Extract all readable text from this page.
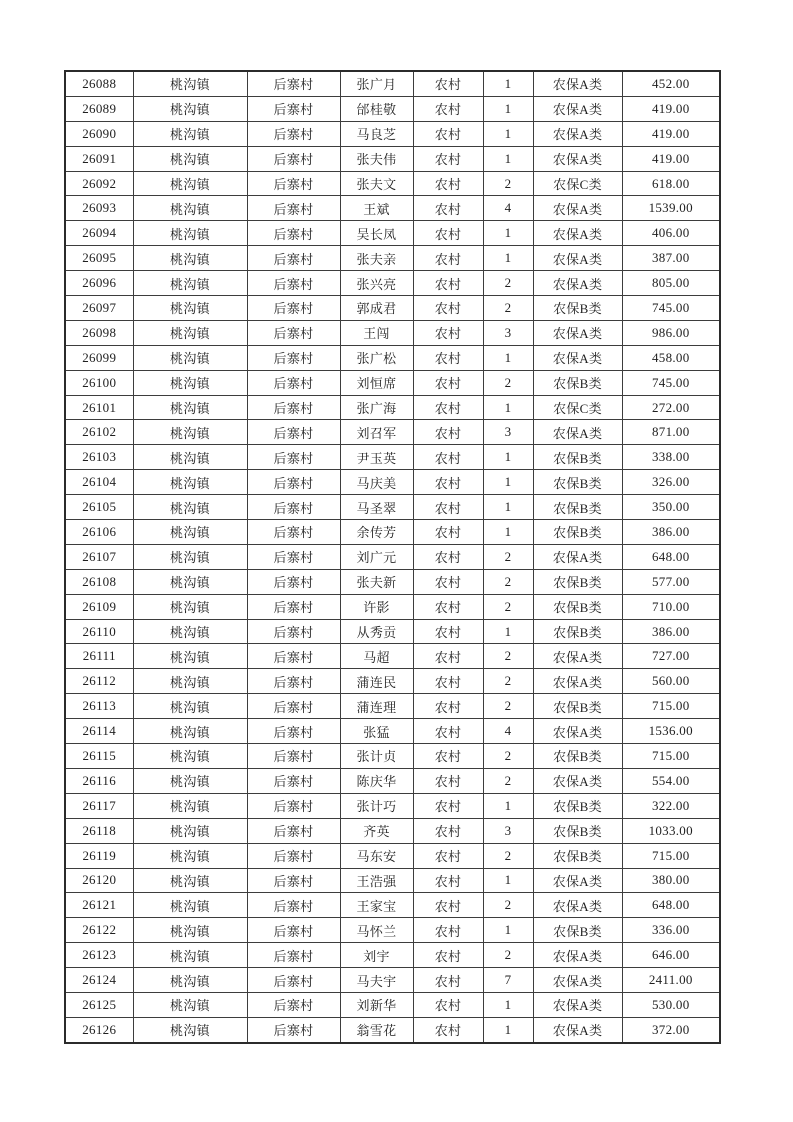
26088	桃沟镇	后寨村	张广月	农村	1	农保A类	452.00
26089	桃沟镇	后寨村	邰桂敬	农村	1	农保A类	419.00
26090	桃沟镇	后寨村	马良芝	农村	1	农保A类	419.00
26091	桃沟镇	后寨村	张夫伟	农村	1	农保A类	419.00
26092	桃沟镇	后寨村	张夫文	农村	2	农保C类	618.00
26093	桃沟镇	后寨村	王斌	农村	4	农保A类	1539.00
26094	桃沟镇	后寨村	吴长凤	农村	1	农保A类	406.00
26095	桃沟镇	后寨村	张夫亲	农村	1	农保A类	387.00
26096	桃沟镇	后寨村	张兴亮	农村	2	农保A类	805.00
26097	桃沟镇	后寨村	郭成君	农村	2	农保B类	745.00
26098	桃沟镇	后寨村	王闯	农村	3	农保A类	986.00
26099	桃沟镇	后寨村	张广松	农村	1	农保A类	458.00
26100	桃沟镇	后寨村	刘恒席	农村	2	农保B类	745.00
26101	桃沟镇	后寨村	张广海	农村	1	农保C类	272.00
26102	桃沟镇	后寨村	刘召军	农村	3	农保A类	871.00
26103	桃沟镇	后寨村	尹玉英	农村	1	农保B类	338.00
26104	桃沟镇	后寨村	马庆美	农村	1	农保B类	326.00
26105	桃沟镇	后寨村	马圣翠	农村	1	农保B类	350.00
26106	桃沟镇	后寨村	余传芳	农村	1	农保B类	386.00
26107	桃沟镇	后寨村	刘广元	农村	2	农保A类	648.00
26108	桃沟镇	后寨村	张夫新	农村	2	农保B类	577.00
26109	桃沟镇	后寨村	许影	农村	2	农保B类	710.00
26110	桃沟镇	后寨村	从秀贡	农村	1	农保B类	386.00
26111	桃沟镇	后寨村	马超	农村	2	农保A类	727.00
26112	桃沟镇	后寨村	蒲连民	农村	2	农保A类	560.00
26113	桃沟镇	后寨村	蒲连理	农村	2	农保B类	715.00
26114	桃沟镇	后寨村	张猛	农村	4	农保A类	1536.00
26115	桃沟镇	后寨村	张计贞	农村	2	农保B类	715.00
26116	桃沟镇	后寨村	陈庆华	农村	2	农保A类	554.00
26117	桃沟镇	后寨村	张计巧	农村	1	农保B类	322.00
26118	桃沟镇	后寨村	齐英	农村	3	农保B类	1033.00
26119	桃沟镇	后寨村	马东安	农村	2	农保B类	715.00
26120	桃沟镇	后寨村	王浩强	农村	1	农保A类	380.00
26121	桃沟镇	后寨村	王家宝	农村	2	农保A类	648.00
26122	桃沟镇	后寨村	马怀兰	农村	1	农保B类	336.00
26123	桃沟镇	后寨村	刘宇	农村	2	农保A类	646.00
26124	桃沟镇	后寨村	马夫宇	农村	7	农保A类	2411.00
26125	桃沟镇	后寨村	刘新华	农村	1	农保A类	530.00
26126	桃沟镇	后寨村	翁雪花	农村	1	农保A类	372.00
